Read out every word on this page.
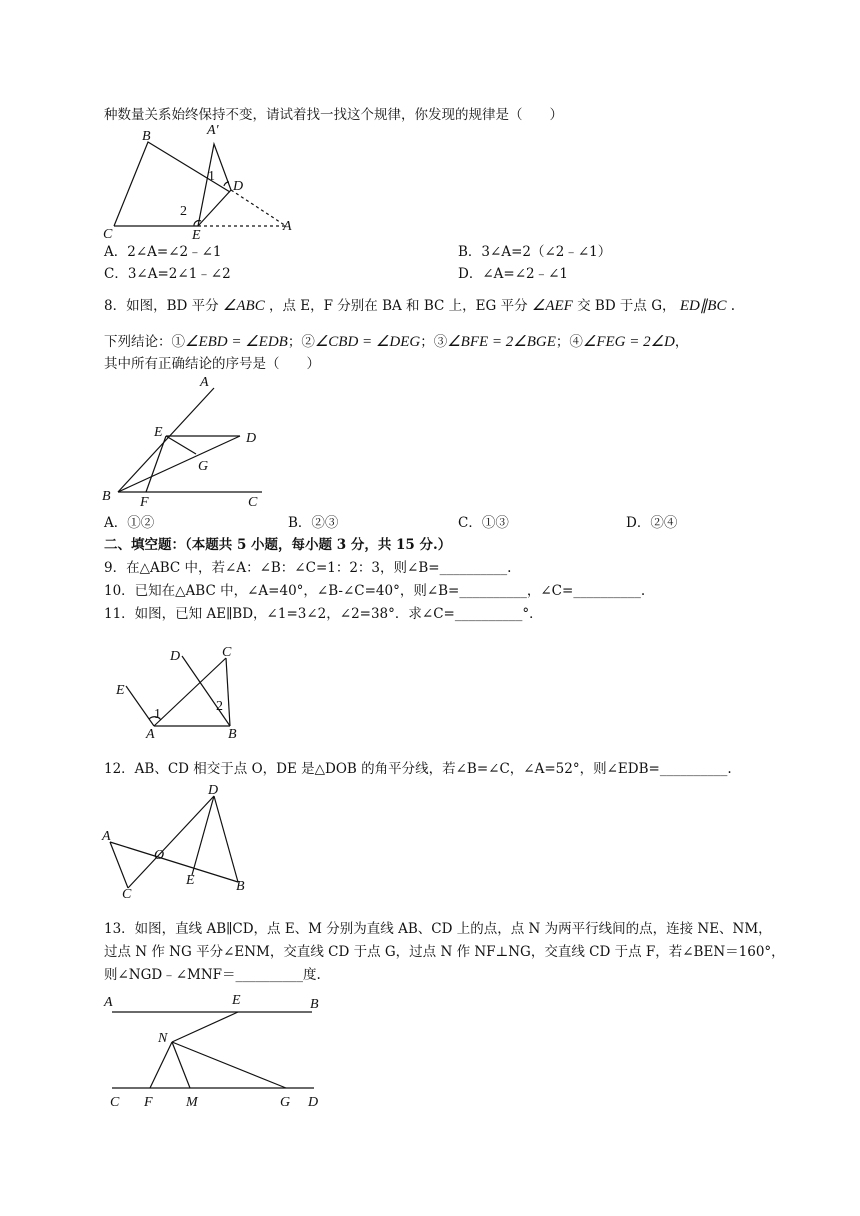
种数量关系始终保持不变，请试着找一找这个规律，你发现的规律是（　　）
B	A′
1
D
2
C	E
A
A．2∠A=∠2﹣∠1	B．3∠A=2（∠2﹣∠1）
C．3∠A=2∠1﹣∠2	D．∠A=∠2﹣∠1
8．如图，BD 平分 ∠ABC ，点 E，F 分别在 BA 和 BC 上，EG 平分 ∠AEF 交 BD 于点 G， ED∥BC .
下列结论：①∠EBD = ∠EDB；②∠CBD = ∠DEG；③∠BFE = 2∠BGE；④∠FEG = 2∠D，
其中所有正确结论的序号是（　　）
A
E	D
G
B F	C
A．①②	B．②③	C．①③	D．②④
二、填空题：（本题共 5 小题，每小题 3 分，共 15 分.）
9．在△ABC 中，若∠A：∠B：∠C=1：2：3，则∠B=__________.
10．已知在△ABC 中，∠A=40°，∠B-∠C=40°，则∠B=__________，∠C=__________.
11．如图，已知 AE∥BD，∠1=3∠2，∠2=38°．求∠C=__________°．
D	C
E
1
2
A	B
12．AB、CD 相交于点 O，DE 是△DOB 的角平分线，若∠B=∠C，∠A=52°，则∠EDB=__________.
D
A
O
E
C
B
13．如图，直线 AB∥CD，点 E、M 分别为直线 AB、CD 上的点，点 N 为两平行线间的点，连接 NE、NM，
过点 N 作 NG 平分∠ENM，交直线 CD 于点 G，过点 N 作 NF⊥NG，交直线 CD 于点 F，若∠BEN＝160°，
则∠NGD﹣∠MNF＝__________度.
A	E	B
N
C F M	G D
